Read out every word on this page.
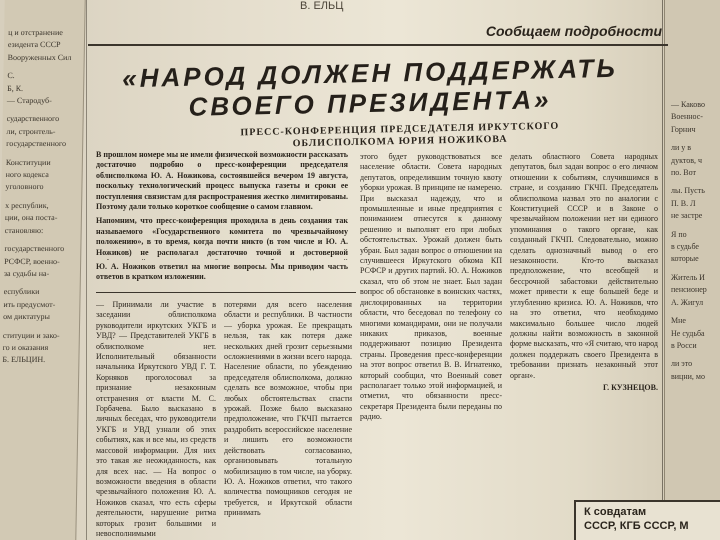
ц и отстранение
езидента СССР
Вооруженных Сил
С.
Б, К.
— Стародуб-
сударственного
ли, стронтель-
государственного
Конституции
ного кодекса
уголовного
х республик,
ции, она поста-
становляю:
государственного
РСФСР, военно-
за судьбы на-
еспублики
ить предусмот-
ом диктатуры
ституции и зако-
го и оказания
Б. ЕЛЬЦИН.
— Каково
Военнос-
Горнич
ли у в
дуктов, ч
по. Вот
лы. Пусть
П. В. Л
не застре
Я по
в судьбе
которые
Житель И
пенсионер
А. Жигул
Мне
Не судьба
в Росси
ли это
вицни, мо
В. ЕЛЬЦ
Сообщаем подробности
«НАРОД ДОЛЖЕН ПОДДЕРЖАТЬ
СВОЕГО ПРЕЗИДЕНТА»
ПРЕСС-КОНФЕРЕНЦИЯ ПРЕДСЕДАТЕЛЯ ИРКУТСКОГО
ОБЛИСПОЛКОМА ЮРИЯ НОЖИКОВА

В прошлом номере мы не имели физической возможности рассказать достаточно подробно о пресс-конференции председателя облисполкома Ю. А. Ножикова, состоявшейся вечером 19 августа, поскольку технологический процесс выпуска газеты и сроки ее поступления связистам для распространения жестко лимитированы. Поэтому дали только короткое сообщение о самом главном.

Напомним, что пресс-конференция проходила в день создания так называемого «Государственного комитета по чрезвычайному положению», в то время, когда почти никто (в том числе и Ю. А. Ножиков) не располагал достаточно точной и достоверной

Ю. А. Ножиков ответил на многие вопросы. Мы приводим часть ответов в кратком изложении.

— Принимали ли участие в заседании облисполкома руководители иркутских УКГБ и УВД? — Представителей УКГБ в облисполкоме нет. Исполнительный обязанности начальника Иркутского УВД Г. Т. Корняков проголосовал за признание незаконным отстранения от власти М. С. Горбачева. Было высказано в личных беседах, что руководители УКГБ и УВД узнали об этих событиях, как и все мы, из средств массовой информации. Для них это такая же неожиданность, как для всех нас. — На вопрос о возможности введения в области чрезвычайного положения Ю. А. Ножиков сказал, что есть сферы деятельности, нарушение ритма которых грозит большими и невосполнимыми

потерями для всего населения области и республики. В частности — уборка урожая. Ее прекращать нельзя, так как потеря даже нескольких дней грозит серьезными осложнениями в жизни всего народа. Население области, по убеждению председателя облисполкома, должно сделать все возможное, чтобы при любых обстоятельствах спасти урожай. Позже было высказано предположение, что ГКЧП пытается раздробить всероссийское население и лишить его возможности действовать согласованно, организовывать тотальную мобилизацию в том числе, на уборку. Ю. А. Ножиков ответил, что такого количества помощников сегодня не требуется, и Иркутской области принимать

этого будет руководствоваться все население области. Совета народных депутатов, определившим точную квоту уборки урожая. В принципе не намерено. При высказал надежду, что и промышленные и иные предприятия с пониманием отнесутся к данному решению и выполнят его при любых обстоятельствах. Урожай должен быть убран. Был задан вопрос о отношении на случившееся Иркутского обкома КП РСФСР и других партий. Ю. А. Ножиков сказал, что об этом не знает. Был задан вопрос об обстановке в воинских частях, дислоцированных на территории области, что беседовал по телефону со многими командирами, они не получали никаких приказов, военные поддерживают позицию Президента страны. Проведения пресс-конференции на этот вопрос ответил В. В. Игнатенко, который сообщил, что Военный совет располагает только этой информацией, и отметил, что обязанности пресс-секретаря Президента были переданы по радио.

делать областного Совета народных депутатов, был задан вопрос о его личном отношении к событиям, случившимся в стране, и созданию ГКЧП. Председатель облисполкома назвал это по аналогии с Конституцией СССР и в Законе о чрезвычайном положении нет ни единого упоминания о такого органе, как созданный ГКЧП. Следовательно, можно сделать однозначный вывод о его незаконности. Кто-то высказал предположение, что всеобщей и бессрочной забастовки действительно может привести к еще большей беде и углублению кризиса. Ю. А. Ножиков, что на это ответил, что необходимо максимально большее число людей должны найти возможность в законной форме высказать, что «Я считаю, что народ должен поддержать своего Президента в требовании признать незаконный этот орган».

Г. КУЗНЕЦОВ.

К совдатам
СССР, КГБ СССР, М
